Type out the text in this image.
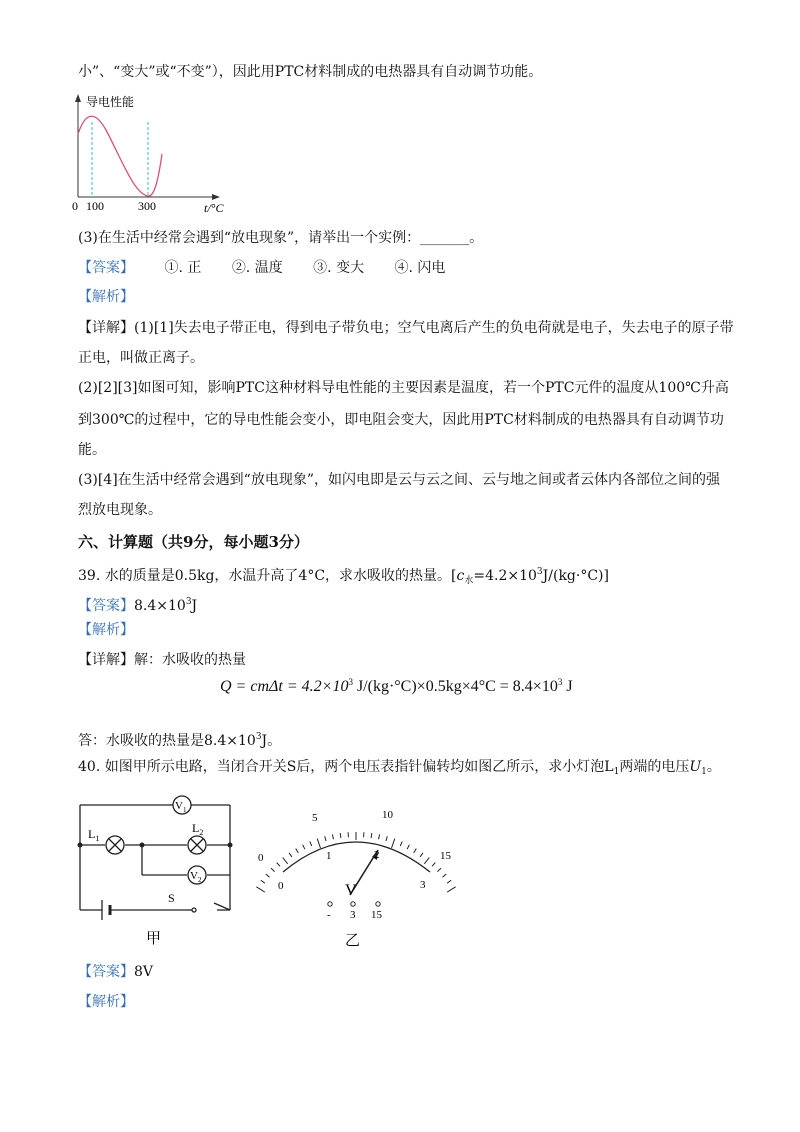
小”、“变大”或“不变”），因此用PTC材料制成的电热器具有自动调节功能。
导电性能
0 100	300	t/°C
(3)在生活中经常会遇到“放电现象”，请举出一个实例：_______。
【答案】 ①. 正 ②. 温度 ③. 变大 ④. 闪电
【解析】
【详解】(1)[1]失去电子带正电，得到电子带负电；空气电离后产生的负电荷就是电子，失去电子的原子带
正电，叫做正离子。
(2)[2][3]如图可知，影响PTC这种材料导电性能的主要因素是温度，若一个PTC元件的温度从100℃升高
到300℃的过程中，它的导电性能会变小，即电阻会变大，因此用PTC材料制成的电热器具有自动调节功
能。
(3)[4]在生活中经常会遇到“放电现象”，如闪电即是云与云之间、云与地之间或者云体内各部位之间的强
烈放电现象。
六、计算题（共9分，每小题3分）
39. 水的质量是0.5kg，水温升高了4°C，求水吸收的热量。$[c_水=4.2\times 10^3J/(kg\cdot^\circ C)]$
【答案】$8.4\times 10^3J$
【解析】
【详解】解：水吸收的热量
$Q = cm\Delta t = 4.2\times 10^3$ $J/(kg\cdot^\circ C)\times 0.5kg\times 4^\circ C = 8.4\times 10^3$ J
答：水吸收的热量是$8.4\times 10^3J$。
40. 如图甲所示电路，当闭合开关S后，两个电压表指针偏转均如图乙所示，求小灯泡$L_1$两端的电压$U_1$。
$V_1$
$V_2$
$L_1$
$L_2$
S
甲
0
5	10
15
0
1	2
3
V
- 3 15
乙
【答案】8V
【解析】
